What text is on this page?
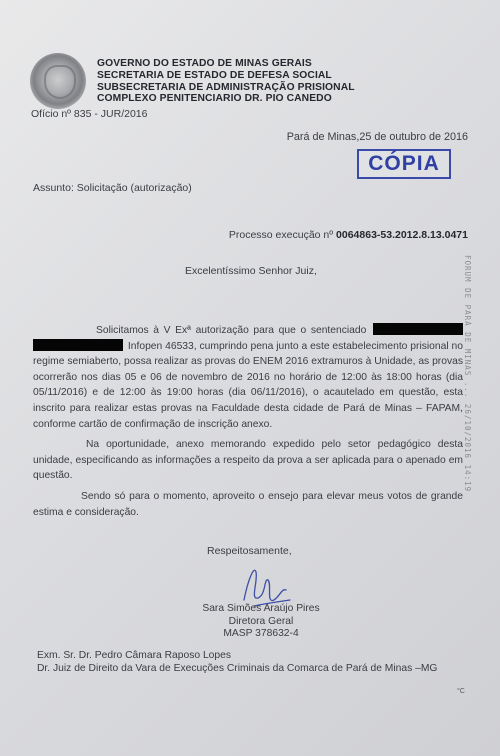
GOVERNO DO ESTADO DE MINAS GERAIS
SECRETARIA DE ESTADO DE DEFESA SOCIAL
SUBSECRETARIA DE ADMINISTRAÇÃO PRISIONAL
COMPLEXO PENITENCIARIO DR. PIO CANEDO
Ofício nº 835 - JUR/2016
Pará de Minas,25 de outubro de 2016
CÓPIA
Assunto: Solicitação (autorização)
Processo execução nº 0064863-53.2012.8.13.0471
Excelentíssimo Senhor Juiz,

Solicitamos à V Exª autorização para que o sentenciado   Infopen 46533, cumprindo pena junto a este estabelecimento prisional no regime semiaberto, possa realizar as provas do ENEM 2016 extramuros à Unidade, as provas ocorrerão nos dias 05 e 06 de novembro de 2016 no horário de 12:00 às 18:00 horas (dia 05/11/2016) e de 12:00 às 19:00 horas (dia 06/11/2016), o acautelado em questão, esta inscrito para realizar estas provas na Faculdade desta cidade de Pará de Minas – FAPAM, conforme cartão de confirmação de inscrição anexo.

Na oportunidade, anexo memorando expedido pelo setor pedagógico desta unidade, especificando as informações a respeito da prova a ser aplicada para o apenado em questão.

Sendo só para o momento, aproveito o ensejo para elevar meus votos de grande estima e consideração.

Respeitosamente,
Sara Simões Araújo Pires
Diretora Geral
MASP 378632-4
Exm. Sr. Dr. Pedro Câmara Raposo Lopes
Dr. Juiz de Direito da Vara de Execuções Criminais da Comarca de Pará de Minas –MG
FORUM DE PARÁ DE MINAS ... 26/10/2016 14:19
°C
